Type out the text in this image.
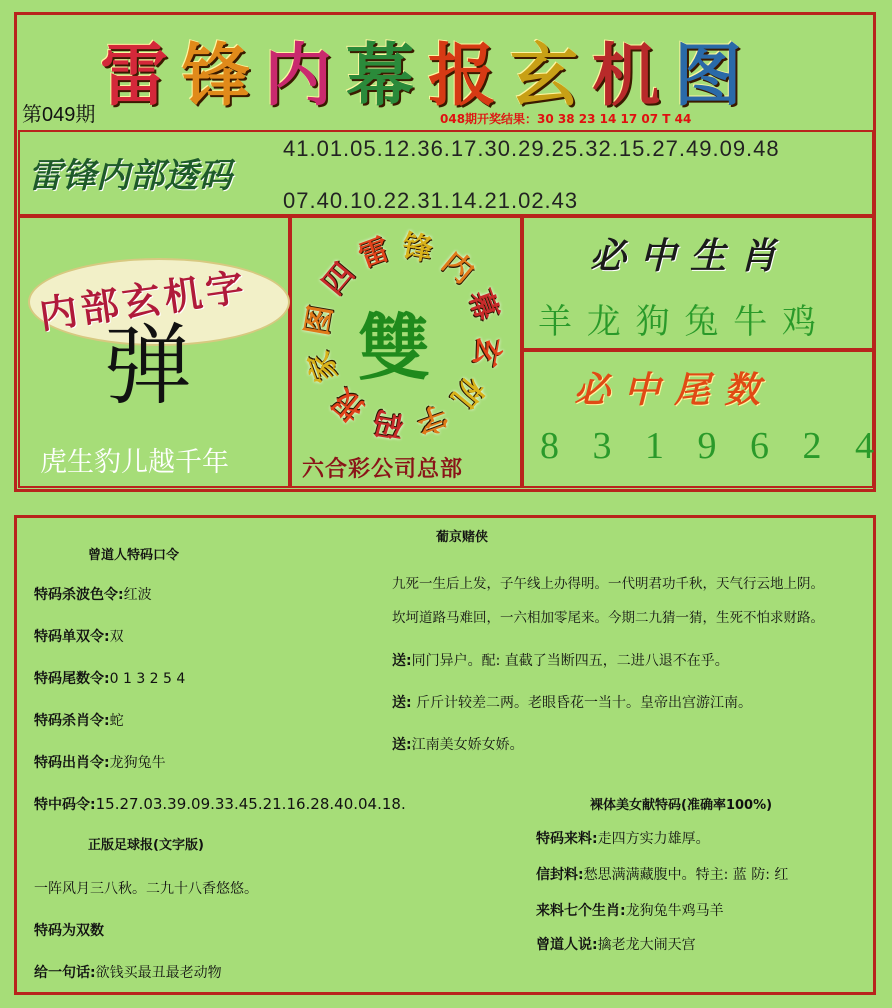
雷 锋 内 幕 报 玄 机 图
第049期	048期开奖结果：30 38 23 14 17 07 T 44
雷锋内部透码
41.01.05.12.36.17.30.29.25.32.15.27.49.09.48
07.40.10.22.31.14.21.02.43
内部玄机字
弹
虎生豹儿越千年
雷 锋 内
幕
玄
机
字
码
报
家
图
四
雙
六合彩公司总部
必中生肖
羊 龙 狗 兔 牛 鸡
必中尾数
8 3 1 9 6 2 4
曾道人特码口令
特码杀波色令:红波
特码单双令:双
特码尾数令:0 1 3 2 5 4
特码杀肖令:蛇
特码出肖令:龙狗兔牛
特中码令:15.27.03.39.09.33.45.21.16.28.40.04.18.
正版足球报(文字版)
一阵风月三八秋。二九十八香悠悠。
特码为双数
给一句话:欲钱买最丑最老动物
葡京赌侠
九死一生后上发，子午线上办得明。一代明君功千秋，天气行云地上阴。
坎坷道路马难回，一六相加零尾来。今期二九猜一猜，生死不怕求财路。
送:同门异户。配: 直截了当断四五，二进八退不在乎。
送: 斤斤计较差二两。老眼昏花一当十。皇帝出宫游江南。
送:江南美女娇女娇。
裸体美女献特码(准确率100%)
特码来料:走四方实力雄厚。
信封料:愁思满满藏腹中。特主: 蓝 防: 红
来料七个生肖:龙狗兔牛鸡马羊
曾道人说:擒老龙大闹天宫
